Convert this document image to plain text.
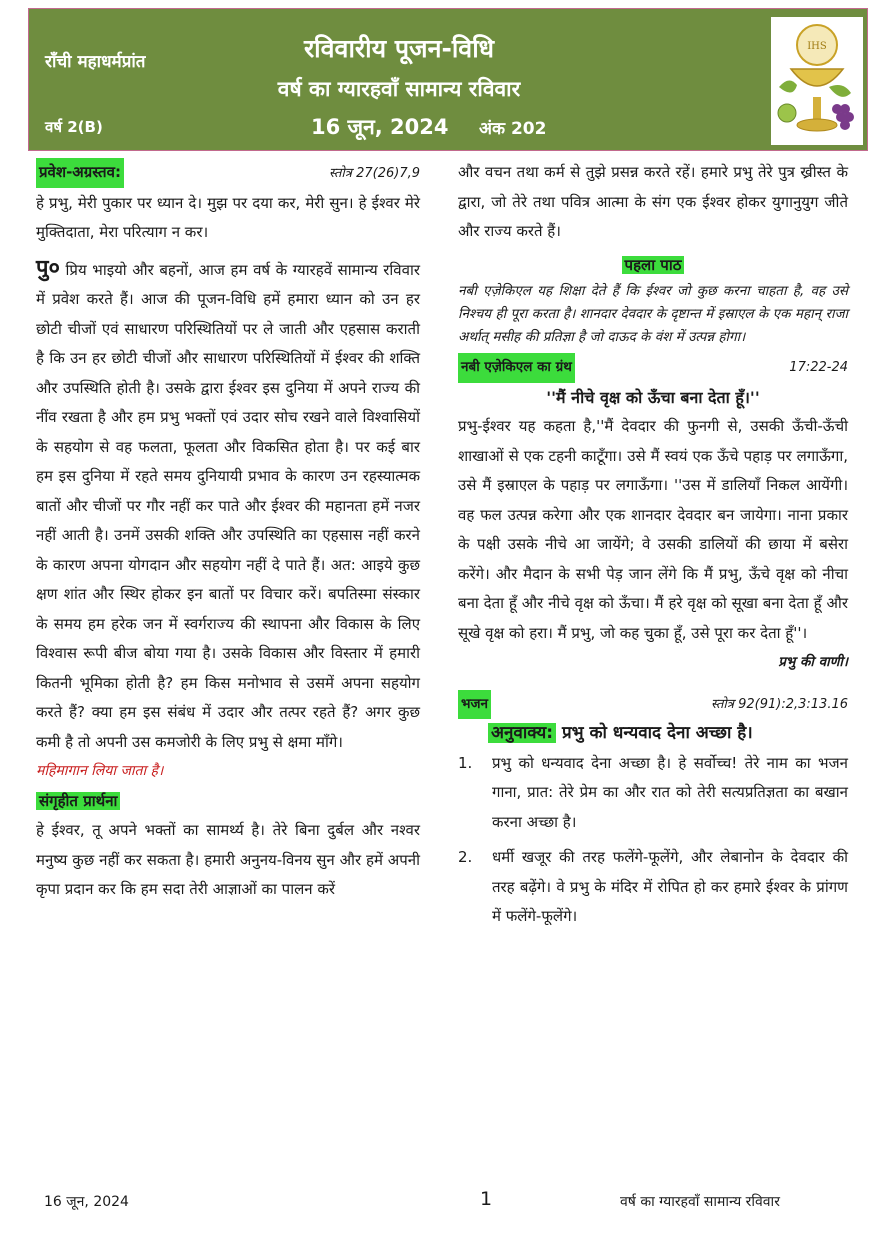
राँची महाधर्मप्रांत
वर्ष 2(B)
रविवारीय पूजन-विधि
वर्ष का ग्यारहवाँ सामान्य रविवार
16 जून, 2024 अंक 202
IHS
प्रवेश-अग्रस्तव:	स्तोत्र 27(26)7,9

हे प्रभु, मेरी पुकार पर ध्यान दे। मुझ पर दया कर, मेरी सुन। हे ईश्वर मेरे मुक्तिदाता, मेरा परित्याग न कर।

पु० प्रिय भाइयो और बहनों, आज हम वर्ष के ग्यारहवें सामान्य रविवार में प्रवेश करते हैं। आज की पूजन-विधि हमें हमारा ध्यान को उन हर छोटी चीजों एवं साधारण परिस्थितियों पर ले जाती और एहसास कराती है कि उन हर छोटी चीजों और साधारण परिस्थितियों में ईश्वर की शक्ति और उपस्थिति होती है। उसके द्वारा ईश्वर इस दुनिया में अपने राज्य की नींव रखता है और हम प्रभु भक्तों एवं उदार सोच रखने वाले विश्वासियों के सहयोग से वह फलता, फूलता और विकसित होता है। पर कई बार हम इस दुनिया में रहते समय दुनियायी प्रभाव के कारण उन रहस्यात्मक बातों और चीजों पर गौर नहीं कर पाते और ईश्वर की महानता हमें नजर नहीं आती है। उनमें उसकी शक्ति और उपस्थिति का एहसास नहीं करने के कारण अपना योगदान और सहयोग नहीं दे पाते हैं। अत: आइये कुछ क्षण शांत और स्थिर होकर इन बातों पर विचार करें। बपतिस्मा संस्कार के समय हम हरेक जन में स्वर्गराज्य की स्थापना और विकास के लिए विश्वास रूपी बीज बोया गया है। उसके विकास और विस्तार में हमारी कितनी भूमिका होती है? हम किस मनोभाव से उसमें अपना सहयोग करते हैं? क्या हम इस संबंध में उदार और तत्पर रहते हैं? अगर कुछ कमी है तो अपनी उस कमजोरी के लिए प्रभु से क्षमा माँगे।

महिमागान लिया जाता है।

संगृहीत प्रार्थना

हे ईश्वर, तू अपने भक्तों का सामर्थ्य है। तेरे बिना दुर्बल और नश्वर मनुष्य कुछ नहीं कर सकता है। हमारी अनुनय-विनय सुन और हमें अपनी कृपा प्रदान कर कि हम सदा तेरी आज्ञाओं का पालन करें

और वचन तथा कर्म से तुझे प्रसन्न करते रहें। हमारे प्रभु तेरे पुत्र ख्रीस्त के द्वारा, जो तेरे तथा पवित्र आत्मा के संग एक ईश्वर होकर युगानुयुग जीते और राज्य करते हैं।

पहला पाठ

नबी एज़ेकिएल यह शिक्षा देते हैं कि ईश्वर जो कुछ करना चाहता है, वह उसे निश्चय ही पूरा करता है। शानदार देवदार के दृष्टान्त में इस्राएल के एक महान् राजा अर्थात् मसीह की प्रतिज्ञा है जो दाऊद के वंश में उत्पन्न होगा।

नबी एज़ेकिएल का ग्रंथ	17:22-24

''मैं नीचे वृक्ष को ऊँचा बना देता हूँ।''

प्रभु-ईश्वर यह कहता है,''मैं देवदार की फुनगी से, उसकी ऊँची-ऊँची शाखाओं से एक टहनी काटूँगा। उसे मैं स्वयं एक ऊँचे पहाड़ पर लगाऊँगा, उसे मैं इस्राएल के पहाड़ पर लगाऊँगा। ''उस में डालियाँ निकल आयेंगी। वह फल उत्पन्न करेगा और एक शानदार देवदार बन जायेगा। नाना प्रकार के पक्षी उसके नीचे आ जायेंगे; वे उसकी डालियों की छाया में बसेरा करेंगे। और मैदान के सभी पेड़ जान लेंगे कि मैं प्रभु, ऊँचे वृक्ष को नीचा बना देता हूँ और नीचे वृक्ष को ऊँचा। मैं हरे वृक्ष को सूखा बना देता हूँ और सूखे वृक्ष को हरा। मैं प्रभु, जो कह चुका हूँ, उसे पूरा कर देता हूँ''।

प्रभु की वाणी।

भजन	स्तोत्र 92(91):2,3:13.16

अनुवाक्य: प्रभु को धन्यवाद देना अच्छा है।

1.	प्रभु को धन्यवाद देना अच्छा है। हे सर्वोच्च! तेरे नाम का भजन गाना, प्रात: तेरे प्रेम का और रात को तेरी सत्यप्रतिज्ञता का बखान करना अच्छा है।
2.	धर्मी खजूर की तरह फलेंगे-फूलेंगे, और लेबानोन के देवदार की तरह बढ़ेंगे। वे प्रभु के मंदिर में रोपित हो कर हमारे ईश्वर के प्रांगण में फलेंगे-फूलेंगे।
16 जून, 2024	1	वर्ष का ग्यारहवाँ सामान्य रविवार
